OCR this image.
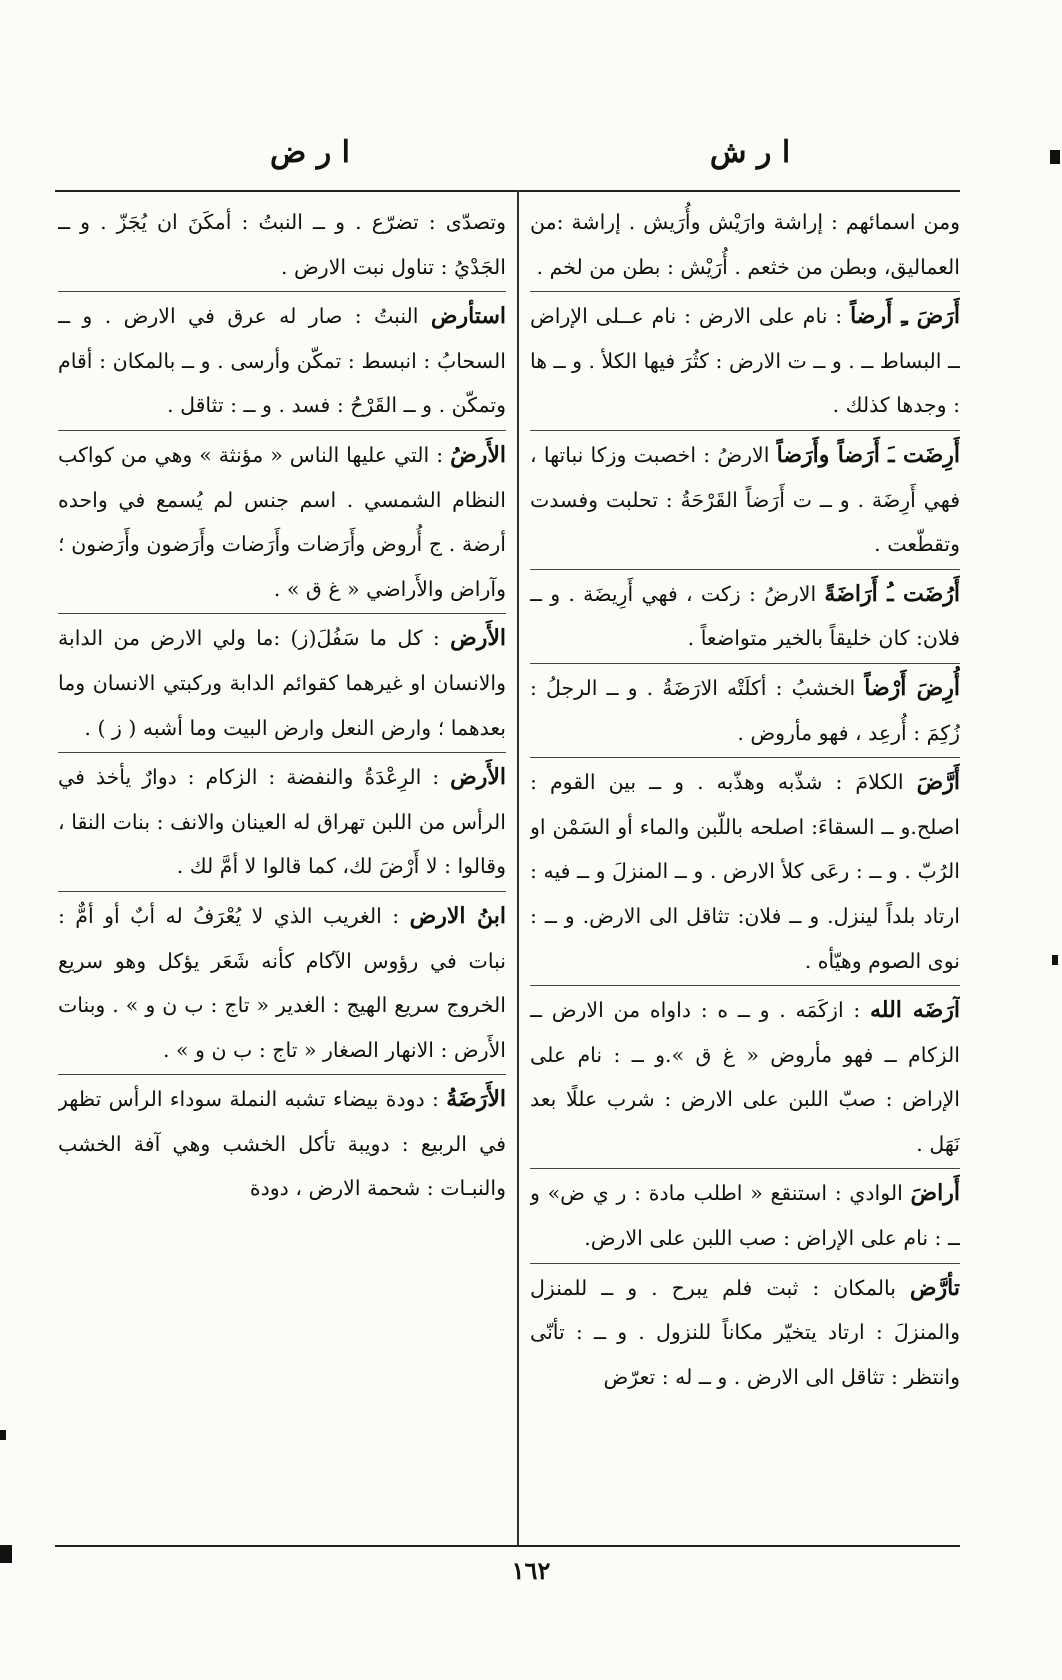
ا ر ش
ا ر ض

ومن اسمائهم : إراشة وارَيْش وأُرَيش . إراشة :من العماليق، وبطن من خثعم . أُرَيْش : بطن من لخم .

أَرَضَ ـِ أَرضاً : نام على الارض : نام عــلى الإراض ــ البساط ــ . و ــ ت الارض : كثُرَ فيها الكلأ . و ــ ها : وجدها كذلك .

أَرِضَت ـَ أَرَضاً وأَرَضاً الارضُ : اخصبت وزكا نباتها ، فهي أَرِضَة . و ــ ت أَرَضاً القَرْحَةُ : تحلبت وفسدت وتقطّعت .

أَرُضَت ـُ أَرَاضَةً الارضُ : زكت ، فهي أَرِيضَة . و ــ فلان: كان خليقاً بالخير متواضعاً .

أُرِضَ أَرْضاً الخشبُ : أكلَتْه الارَضَةُ . و ــ الرجلُ : زُكِمَ : أُرعِد ، فهو مأروض .

أَرَّضَ الكلامَ : شذّبه وهذّبه . و ــ بين القوم : اصلح.و ــ السقاءَ: اصلحه باللّبن والماء أو السَمْن او الرُبّ . و ــ : رعَى كلأ الارض . و ــ المنزلَ و ــ فيه : ارتاد بلداً لينزل. و ــ فلان: تثاقل الى الارض. و ــ : نوى الصوم وهيّأه .

آرَضَه الله : ازكَمَه . و ــ ه : داواه من الارض ــ الزكام ــ فهو مأروض « غ ق ».و ــ : نام على الإراض : صبّ اللبن على الارض : شرب عللًا بعد نَهَل .

أَراضَ الوادي : استنقع « اطلب مادة : ر ي ض» و ــ : نام على الإراض : صب اللبن على الارض.

تأرَّض بالمكان : ثبت فلم يبرح . و ــ للمنزل والمنزلَ : ارتاد يتخيّر مكاناً للنزول . و ــ : تأنّى وانتظر : تثاقل الى الارض . و ــ له : تعرّض

وتصدّى : تضرّع . و ــ النبتُ : أمكَنَ ان يُجَزّ . و ــ الجَدْيُ : تناول نبت الارض .

استأرض النبتُ : صار له عرق في الارض . و ــ السحابُ : انبسط : تمكّن وأرسى . و ــ بالمكان : أقام وتمكّن . و ــ القَرْحُ : فسد . و ــ : تثاقل .

الأَرضُ : التي عليها الناس « مؤنثة » وهي من كواكب النظام الشمسي . اسم جنس لم يُسمع في واحده أرضة . ج أُروض وأَرَضات وأَرَضات وأَرَضون وأَرَضون ؛ وآراض والأَراضي « غ ق » .

الأَرض : كل ما سَفُلَ(ز) :ما ولي الارض من الدابة والانسان او غيرهما كقوائم الدابة وركبتي الانسان وما بعدهما ؛ وارض النعل وارض البيت وما أشبه ( ز ) .

الأَرض : الرِعْدَةُ والنفضة : الزكام : دوارٌ يأخذ في الرأس من اللبن تهراق له العينان والانف : بنات النقا ، وقالوا : لا أَرْضَ لك، كما قالوا لا أمَّ لك .

ابنُ الارض : الغريب الذي لا يُعْرَفُ له أبٌ أو أمٌّ : نبات في رؤوس الآكام كأنه شَعَر يؤكل وهو سريع الخروج سريع الهيج : الغدير « تاج : ب ن و » . وبنات الأَرض : الانهار الصغار « تاج : ب ن و » .

الأَرَضَةُ : دودة بيضاء تشبه النملة سوداء الرأس تظهر في الربيع : دويبة تأكل الخشب وهي آفة الخشب والنبـات : شحمة الارض ، دودة

١٦٢
